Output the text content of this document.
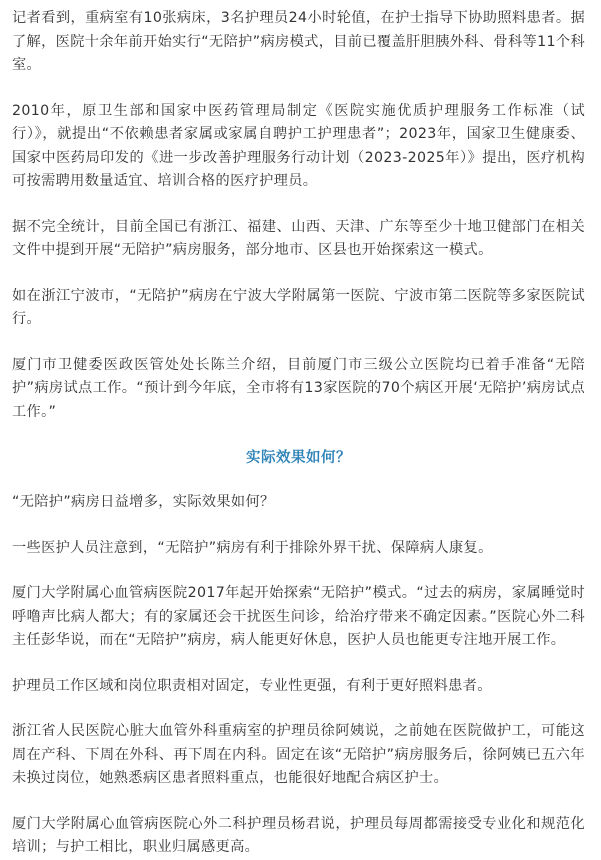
记者看到，重病室有10张病床，3名护理员24小时轮值，在护士指导下协助照料患者。据了解，医院十余年前开始实行“无陪护”病房模式，目前已覆盖肝胆胰外科、骨科等11个科室。

2010年，原卫生部和国家中医药管理局制定《医院实施优质护理服务工作标准（试行）》，就提出“不依赖患者家属或家属自聘护工护理患者”；2023年，国家卫生健康委、国家中医药局印发的《进一步改善护理服务行动计划（2023-2025年）》提出，医疗机构可按需聘用数量适宜、培训合格的医疗护理员。

据不完全统计，目前全国已有浙江、福建、山西、天津、广东等至少十地卫健部门在相关文件中提到开展“无陪护”病房服务，部分地市、区县也开始探索这一模式。

如在浙江宁波市，“无陪护”病房在宁波大学附属第一医院、宁波市第二医院等多家医院试行。

厦门市卫健委医政医管处处长陈兰介绍，目前厦门市三级公立医院均已着手准备“无陪护”病房试点工作。“预计到今年底，全市将有13家医院的70个病区开展‘无陪护’病房试点工作。”

实际效果如何？

“无陪护”病房日益增多，实际效果如何？

一些医护人员注意到，“无陪护”病房有利于排除外界干扰、保障病人康复。

厦门大学附属心血管病医院2017年起开始探索“无陪护”模式。“过去的病房，家属睡觉时呼噜声比病人都大；有的家属还会干扰医生问诊，给治疗带来不确定因素。”医院心外二科主任彭华说，而在“无陪护”病房，病人能更好休息，医护人员也能更专注地开展工作。

护理员工作区域和岗位职责相对固定，专业性更强，有利于更好照料患者。

浙江省人民医院心脏大血管外科重病室的护理员徐阿姨说，之前她在医院做护工，可能这周在产科、下周在外科、再下周在内科。固定在该“无陪护”病房服务后，徐阿姨已五六年未换过岗位，她熟悉病区患者照料重点，也能很好地配合病区护士。

厦门大学附属心血管病医院心外二科护理员杨君说，护理员每周都需接受专业化和规范化培训；与护工相比，职业归属感更高。
